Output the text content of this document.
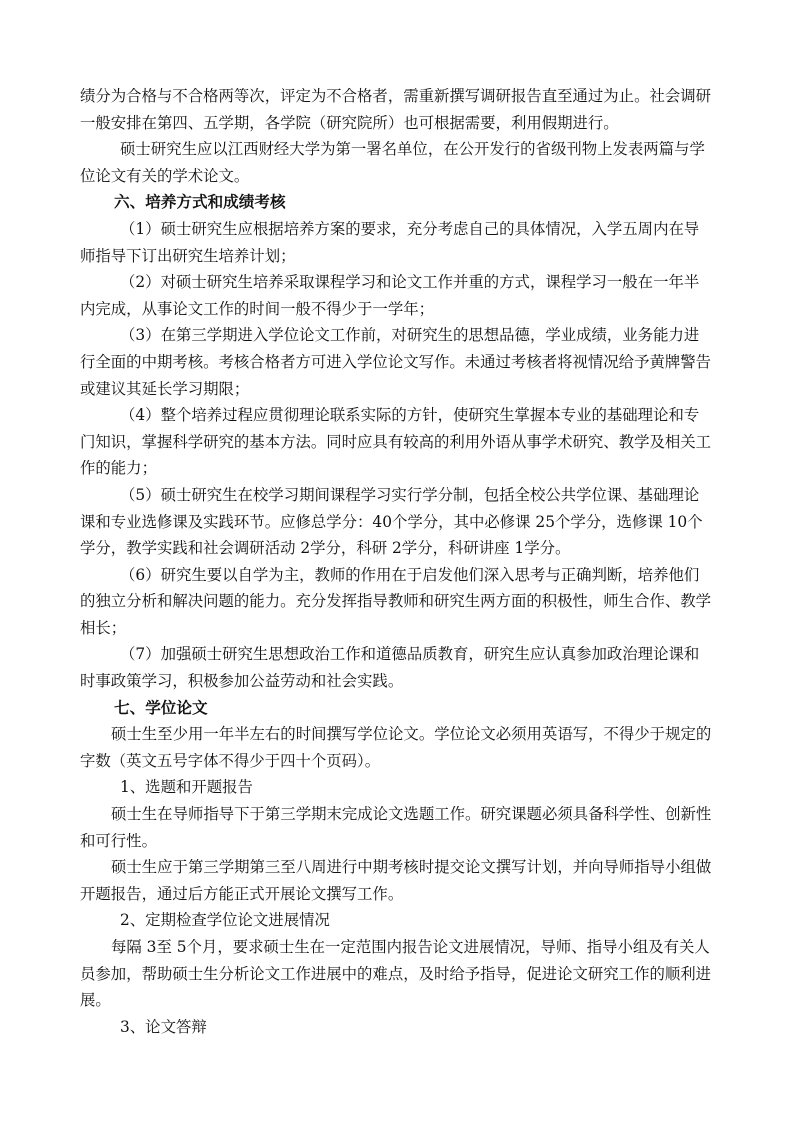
绩分为合格与不合格两等次，评定为不合格者，需重新撰写调研报告直至通过为止。社会调研一般安排在第四、五学期，各学院（研究院所）也可根据需要，利用假期进行。

硕士研究生应以江西财经大学为第一署名单位，在公开发行的省级刊物上发表两篇与学位论文有关的学术论文。

六、培养方式和成绩考核

（1）硕士研究生应根据培养方案的要求，充分考虑自己的具体情况，入学五周内在导师指导下订出研究生培养计划；

（2）对硕士研究生培养采取课程学习和论文工作并重的方式，课程学习一般在一年半内完成，从事论文工作的时间一般不得少于一学年；

（3）在第三学期进入学位论文工作前，对研究生的思想品德，学业成绩，业务能力进行全面的中期考核。考核合格者方可进入学位论文写作。未通过考核者将视情况给予黄牌警告或建议其延长学习期限；

（4）整个培养过程应贯彻理论联系实际的方针，使研究生掌握本专业的基础理论和专门知识，掌握科学研究的基本方法。同时应具有较高的利用外语从事学术研究、教学及相关工作的能力；

（5）硕士研究生在校学习期间课程学习实行学分制，包括全校公共学位课、基础理论课和专业选修课及实践环节。应修总学分：40个学分，其中必修课 25个学分，选修课 10个学分，教学实践和社会调研活动 2学分，科研 2学分，科研讲座 1学分。

（6）研究生要以自学为主，教师的作用在于启发他们深入思考与正确判断，培养他们的独立分析和解决问题的能力。充分发挥指导教师和研究生两方面的积极性，师生合作、教学相长；

（7）加强硕士研究生思想政治工作和道德品质教育，研究生应认真参加政治理论课和时事政策学习，积极参加公益劳动和社会实践。

七、学位论文

硕士生至少用一年半左右的时间撰写学位论文。学位论文必须用英语写，不得少于规定的字数（英文五号字体不得少于四十个页码）。

1、选题和开题报告

硕士生在导师指导下于第三学期末完成论文选题工作。研究课题必须具备科学性、创新性和可行性。

硕士生应于第三学期第三至八周进行中期考核时提交论文撰写计划，并向导师指导小组做开题报告，通过后方能正式开展论文撰写工作。

2、定期检查学位论文进展情况

每隔 3至 5个月，要求硕士生在一定范围内报告论文进展情况，导师、指导小组及有关人员参加，帮助硕士生分析论文工作进展中的难点，及时给予指导，促进论文研究工作的顺利进展。

3、论文答辩
